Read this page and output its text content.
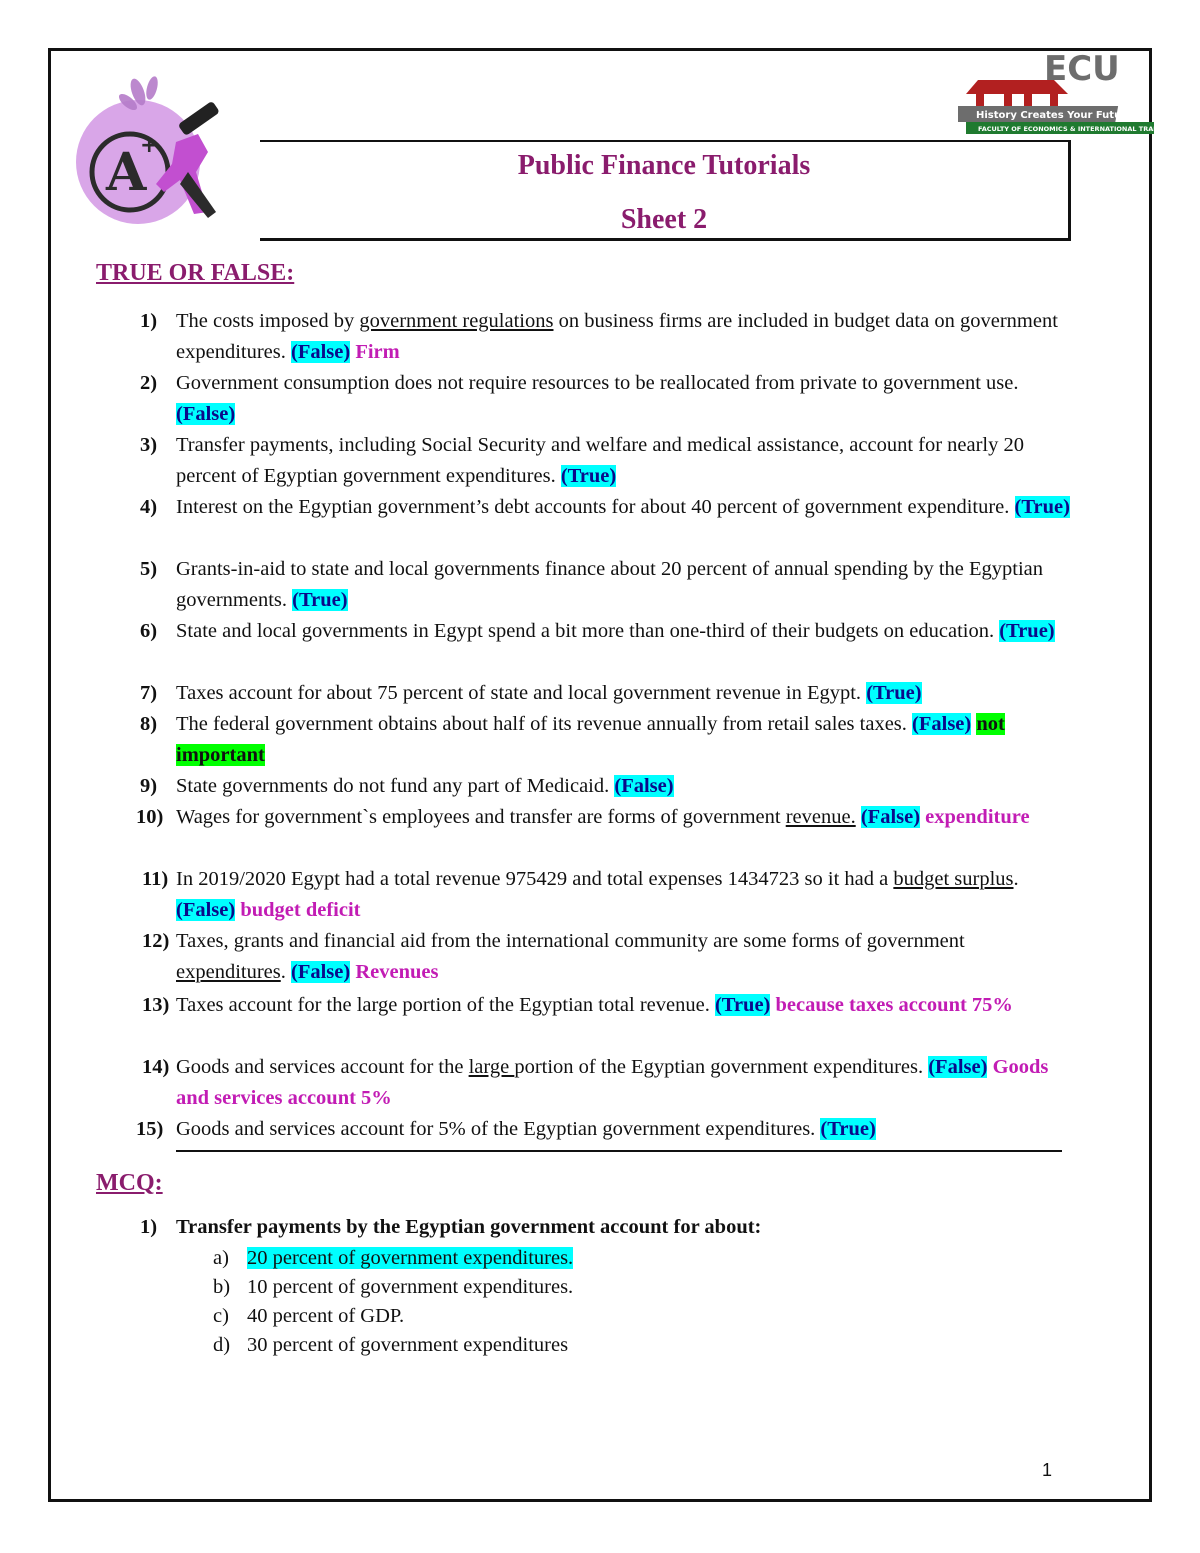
A
+
ECU
History Creates Your Future
FACULTY OF ECONOMICS & INTERNATIONAL TRADE
Public Finance Tutorials
Sheet 2
TRUE OR FALSE:
1) The costs imposed by government regulations on business firms are included in budget data on government expenditures. (False) Firm
2) Government consumption does not require resources to be reallocated from private to government use. (False)
3) Transfer payments, including Social Security and welfare and medical assistance, account for nearly 20 percent of Egyptian government expenditures. (True)
4) Interest on the Egyptian government’s debt accounts for about 40 percent of government expenditure. (True)
5) Grants-in-aid to state and local governments finance about 20 percent of annual spending by the Egyptian governments. (True)
6) State and local governments in Egypt spend a bit more than one-third of their budgets on education. (True)
7) Taxes account for about 75 percent of state and local government revenue in Egypt. (True)
8) The federal government obtains about half of its revenue annually from retail sales taxes. (False) not important
9) State governments do not fund any part of Medicaid. (False)
10) Wages for government`s employees and transfer are forms of government revenue. (False) expenditure
11) In 2019/2020 Egypt had a total revenue 975429 and total expenses 1434723 so it had a budget surplus. (False) budget deficit
12) Taxes, grants and financial aid from the international community are some forms of government expenditures. (False) Revenues
13) Taxes account for the large portion of the Egyptian total revenue. (True) because taxes account 75%
14) Goods and services account for the large portion of the Egyptian government expenditures. (False) Goods and services account 5%
15) Goods and services account for 5% of the Egyptian government expenditures. (True)
MCQ:
1) Transfer payments by the Egyptian government account for about:
a) 20 percent of government expenditures.
b) 10 percent of government expenditures.
c) 40 percent of GDP.
d) 30 percent of government expenditures
1
